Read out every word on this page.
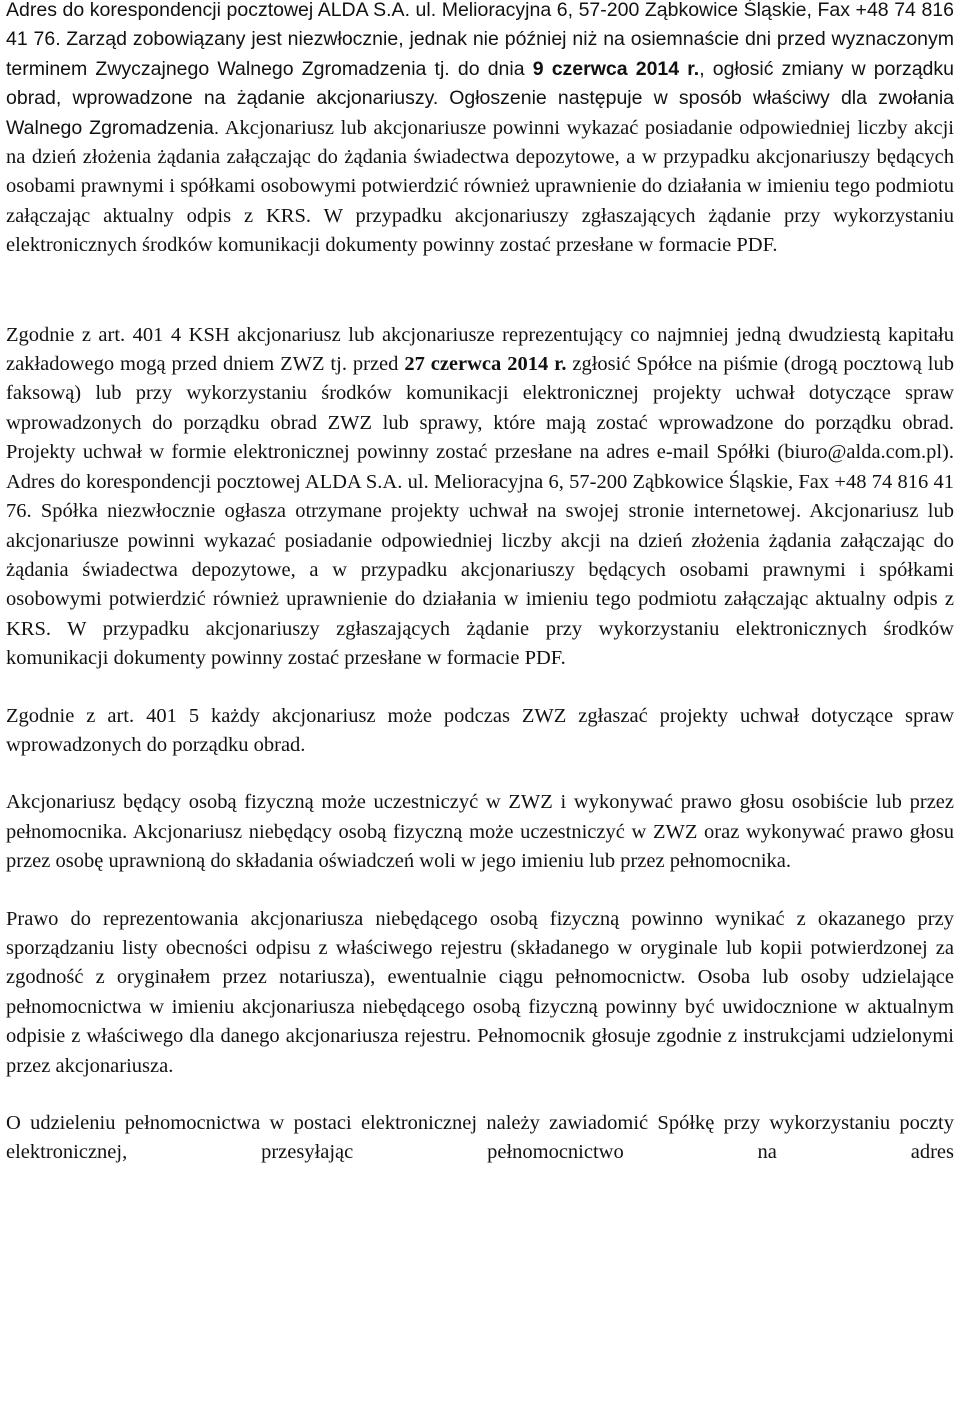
Adres do korespondencji pocztowej ALDA S.A. ul. Melioracyjna 6, 57-200 Ząbkowice Śląskie, Fax +48 74 816 41 76. Zarząd zobowiązany jest niezwłocznie, jednak nie później niż na osiemnaście dni przed wyznaczonym terminem Zwyczajnego Walnego Zgromadzenia tj. do dnia 9 czerwca 2014 r., ogłosić zmiany w porządku obrad, wprowadzone na żądanie akcjonariuszy. Ogłoszenie następuje w sposób właściwy dla zwołania Walnego Zgromadzenia. Akcjonariusz lub akcjonariusze powinni wykazać posiadanie odpowiedniej liczby akcji na dzień złożenia żądania załączając do żądania świadectwa depozytowe, a w przypadku akcjonariuszy będących osobami prawnymi i spółkami osobowymi potwierdzić również uprawnienie do działania w imieniu tego podmiotu załączając aktualny odpis z KRS. W przypadku akcjonariuszy zgłaszających żądanie przy wykorzystaniu elektronicznych środków komunikacji dokumenty powinny zostać przesłane w formacie PDF.
Zgodnie z art. 401 4 KSH akcjonariusz lub akcjonariusze reprezentujący co najmniej jedną dwudziestą kapitału zakładowego mogą przed dniem ZWZ tj. przed 27 czerwca 2014 r. zgłosić Spółce na piśmie (drogą pocztową lub faksową) lub przy wykorzystaniu środków komunikacji elektronicznej projekty uchwał dotyczące spraw wprowadzonych do porządku obrad ZWZ lub sprawy, które mają zostać wprowadzone do porządku obrad. Projekty uchwał w formie elektronicznej powinny zostać przesłane na adres e-mail Spółki (biuro@alda.com.pl). Adres do korespondencji pocztowej ALDA S.A. ul. Melioracyjna 6, 57-200 Ząbkowice Śląskie, Fax +48 74 816 41 76. Spółka niezwłocznie ogłasza otrzymane projekty uchwał na swojej stronie internetowej. Akcjonariusz lub akcjonariusze powinni wykazać posiadanie odpowiedniej liczby akcji na dzień złożenia żądania załączając do żądania świadectwa depozytowe, a w przypadku akcjonariuszy będących osobami prawnymi i spółkami osobowymi potwierdzić również uprawnienie do działania w imieniu tego podmiotu załączając aktualny odpis z KRS. W przypadku akcjonariuszy zgłaszających żądanie przy wykorzystaniu elektronicznych środków komunikacji dokumenty powinny zostać przesłane w formacie PDF.

Zgodnie z art. 401 5 każdy akcjonariusz może podczas ZWZ zgłaszać projekty uchwał dotyczące spraw wprowadzonych do porządku obrad.

Akcjonariusz będący osobą fizyczną może uczestniczyć w ZWZ i wykonywać prawo głosu osobiście lub przez pełnomocnika. Akcjonariusz niebędący osobą fizyczną może uczestniczyć w ZWZ oraz wykonywać prawo głosu przez osobę uprawnioną do składania oświadczeń woli w jego imieniu lub przez pełnomocnika.

Prawo do reprezentowania akcjonariusza niebędącego osobą fizyczną powinno wynikać z okazanego przy sporządzaniu listy obecności odpisu z właściwego rejestru (składanego w oryginale lub kopii potwierdzonej za zgodność z oryginałem przez notariusza), ewentualnie ciągu pełnomocnictw. Osoba lub osoby udzielające pełnomocnictwa w imieniu akcjonariusza niebędącego osobą fizyczną powinny być uwidocznione w aktualnym odpisie z właściwego dla danego akcjonariusza rejestru. Pełnomocnik głosuje zgodnie z instrukcjami udzielonymi przez akcjonariusza.

O udzieleniu pełnomocnictwa w postaci elektronicznej należy zawiadomić Spółkę przy wykorzystaniu poczty elektronicznej, przesyłając pełnomocnictwo na adres
